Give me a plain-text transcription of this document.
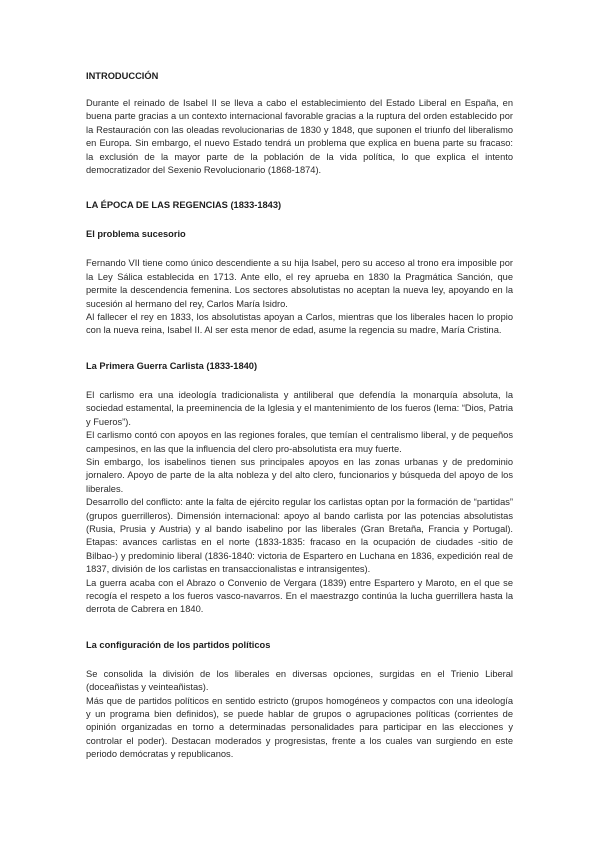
INTRODUCCIÓN

Durante el reinado de Isabel II se lleva a cabo el establecimiento del Estado Liberal en España, en buena parte gracias a un contexto internacional favorable gracias a la ruptura del orden establecido por la Restauración con las oleadas revolucionarias de 1830 y 1848, que suponen el triunfo del liberalismo en Europa. Sin embargo, el nuevo Estado tendrá un problema que explica en buena parte su fracaso: la exclusión de la mayor parte de la población de la vida política, lo que explica el intento democratizador del Sexenio Revolucionario (1868-1874).

LA ÉPOCA DE LAS REGENCIAS (1833-1843)
El problema sucesorio

Fernando VII tiene como único descendiente a su hija Isabel, pero su acceso al trono era imposible por la Ley Sálica establecida en 1713. Ante ello, el rey aprueba en 1830 la Pragmática Sanción, que permite la descendencia femenina. Los sectores absolutistas no aceptan la nueva ley, apoyando en la sucesión al hermano del rey, Carlos María Isidro.

Al fallecer el rey en 1833, los absolutistas apoyan a Carlos, mientras que los liberales hacen lo propio con la nueva reina, Isabel II. Al ser esta menor de edad, asume la regencia su madre, María Cristina.

La Primera Guerra Carlista (1833-1840)

El carlismo era una ideología tradicionalista y antiliberal que defendía la monarquía absoluta, la sociedad estamental, la preeminencia de la Iglesia y el mantenimiento de los fueros (lema: “Dios, Patria y Fueros”).

El carlismo contó con apoyos en las regiones forales, que temían el centralismo liberal, y de pequeños campesinos, en las que la influencia del clero pro-absolutista era muy fuerte.

Sin embargo, los isabelinos tienen sus principales apoyos en las zonas urbanas y de predominio jornalero. Apoyo de parte de la alta nobleza y del alto clero, funcionarios y búsqueda del apoyo de los liberales.

Desarrollo del conflicto: ante la falta de ejército regular los carlistas optan por la formación de “partidas” (grupos guerrilleros). Dimensión internacional: apoyo al bando carlista por las potencias absolutistas (Rusia, Prusia y Austria) y al bando isabelino por las liberales (Gran Bretaña, Francia y Portugal). Etapas: avances carlistas en el norte (1833-1835: fracaso en la ocupación de ciudades -sitio de Bilbao-) y predominio liberal (1836-1840: victoria de Espartero en Luchana en 1836, expedición real de 1837, división de los carlistas en transaccionalistas e intransigentes).

La guerra acaba con el Abrazo o Convenio de Vergara (1839) entre Espartero y Maroto, en el que se recogía el respeto a los fueros vasco-navarros. En el maestrazgo continúa la lucha guerrillera hasta la derrota de Cabrera en 1840.

La configuración de los partidos políticos

Se consolida la división de los liberales en diversas opciones, surgidas en el Trienio Liberal (doceañistas y veinteañistas).

Más que de partidos políticos en sentido estricto (grupos homogéneos y compactos con una ideología y un programa bien definidos), se puede hablar de grupos o agrupaciones políticas (corrientes de opinión organizadas en torno a determinadas personalidades para participar en las elecciones y controlar el poder). Destacan moderados y progresistas, frente a los cuales van surgiendo en este periodo demócratas y republicanos.
